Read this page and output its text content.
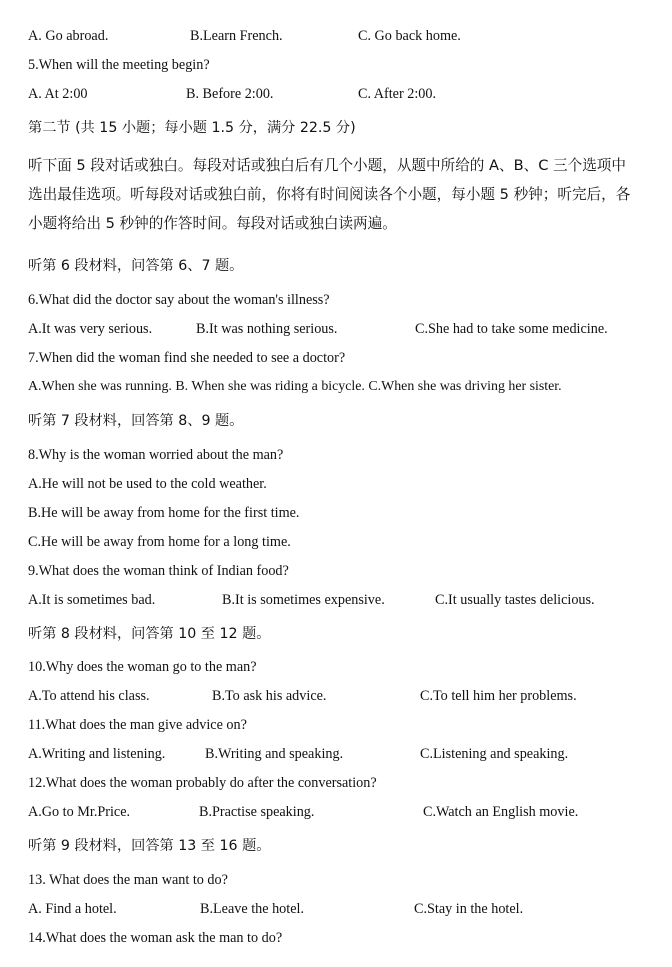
A. Go abroad.	B.Learn French.	C. Go back home.
5.When will the meeting begin?
A. At 2:00	B. Before 2:00.	C. After 2:00.
第二节 (共 15 小题；每小题 1.5 分，满分 22.5 分)
听下面 5 段对话或独白。每段对话或独白后有几个小题，从题中所给的 A、B、C 三个选项中
选出最佳选项。听每段对话或独白前，你将有时间阅读各个小题，每小题 5 秒钟；听完后，各
小题将给出 5 秒钟的作答时间。每段对话或独白读两遍。
听第 6 段材料，问答第 6、7 题。
6.What did the doctor say about the woman's illness?
A.It was very serious.	B.It was nothing serious.	C.She had to take some medicine.
7.When did the woman find she needed to see a doctor?
A.When she was running. B. When she was riding a bicycle. C.When she was driving her sister.
听第 7 段材料，回答第 8、9 题。
8.Why is the woman worried about the man?
A.He will not be used to the cold weather.
B.He will be away from home for the first time.
C.He will be away from home for a long time.
9.What does the woman think of Indian food?
A.It is sometimes bad.	B.It is sometimes expensive.	C.It usually tastes delicious.
听第 8 段材料，问答第 10 至 12 题。
10.Why does the woman go to the man?
A.To attend his class.	B.To ask his advice.	C.To tell him her problems.
11.What does the man give advice on?
A.Writing and listening.	B.Writing and speaking.	C.Listening and speaking.
12.What does the woman probably do after the conversation?
A.Go to Mr.Price.	B.Practise speaking.	C.Watch an English movie.
听第 9 段材料，回答第 13 至 16 题。
13. What does the man want to do?
A. Find a hotel.	B.Leave the hotel.	C.Stay in the hotel.
14.What does the woman ask the man to do?
